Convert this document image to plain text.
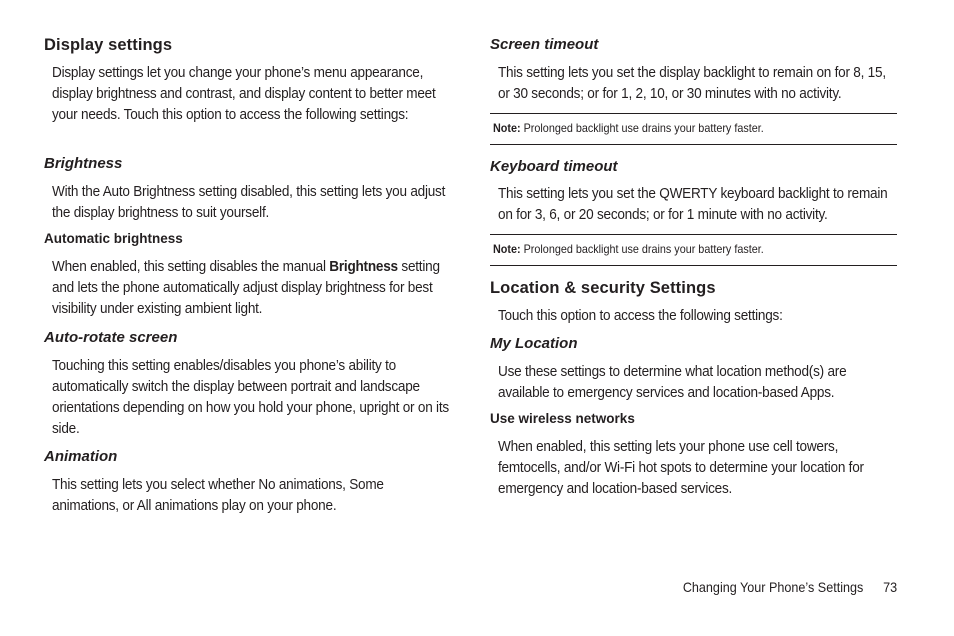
Display settings
Display settings let you change your phone’s menu appearance, display brightness and contrast, and display content to better meet your needs. Touch this option to access the following settings:
Brightness
With the Auto Brightness setting disabled, this setting lets you adjust the display brightness to suit yourself.
Automatic brightness
When enabled, this setting disables the manual Brightness setting and lets the phone automatically adjust display brightness for best visibility under existing ambient light.
Auto-rotate screen
Touching this setting enables/disables you phone’s ability to automatically switch the display between portrait and landscape orientations depending on how you hold your phone, upright or on its side.
Animation
This setting lets you select whether No animations, Some animations, or All animations play on your phone.
Screen timeout
This setting lets you set the display backlight to remain on for 8, 15, or 30 seconds; or for 1, 2, 10, or 30 minutes with no activity.
Note: Prolonged backlight use drains your battery faster.
Keyboard timeout
This setting lets you set the QWERTY keyboard backlight to remain on for 3, 6, or 20 seconds; or for 1 minute with no activity.
Note: Prolonged backlight use drains your battery faster.
Location & security Settings
Touch this option to access the following settings:
My Location
Use these settings to determine what location method(s) are available to emergency services and location-based Apps.
Use wireless networks
When enabled, this setting lets your phone use cell towers, femtocells, and/or Wi-Fi hot spots to determine your location for emergency and location-based services.
Changing Your Phone’s Settings 73
